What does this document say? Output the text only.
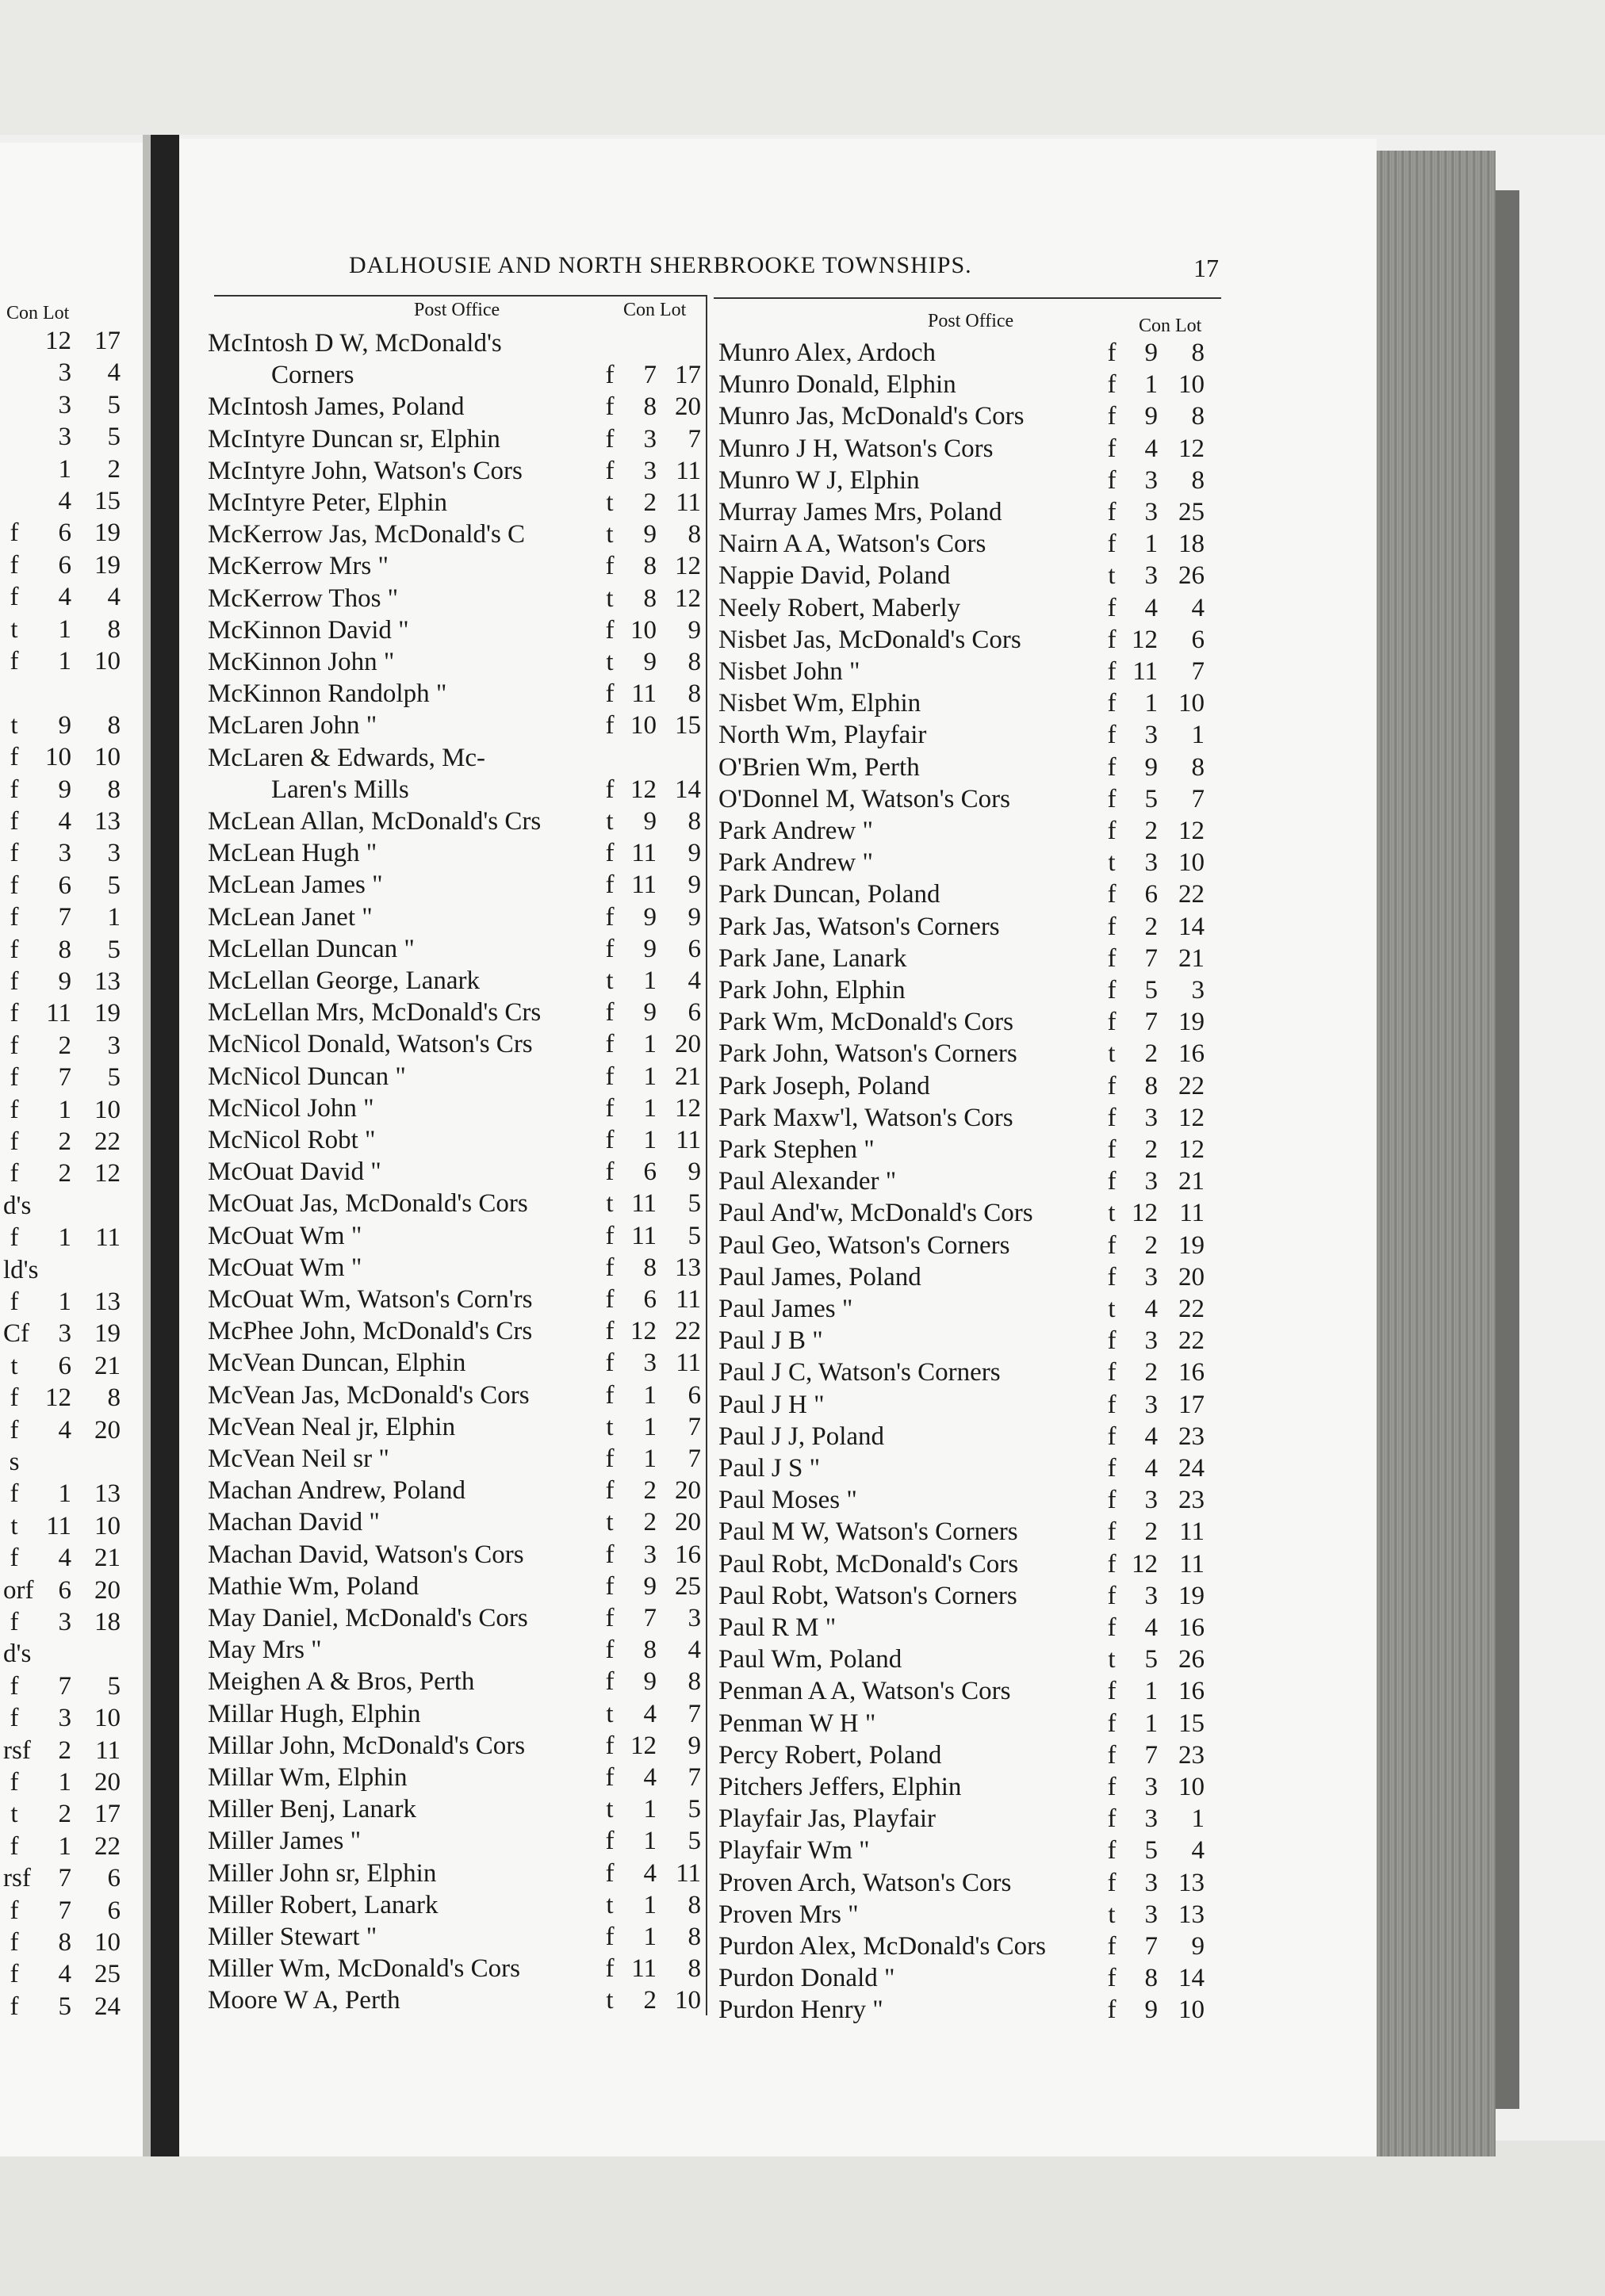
Con Lot
12 17
3	4
3	5
3	5
1	2
4 15
f	6 19
f	6 19
f	4	4
t	1	8
f	1 10
t	9	8
f	10 10
f	9	8
f	4 13
f	3	3
f	6	5
f	7	1
f	8	5
f	9 13
f	11 19
f	2	3
f	7	5
f	1 10
f	2 22
f	2 12
d's
f	1 11
ld's
f	1 13
Cf	3 19
t	6 21
f	12	8
f	4 20
s
f	1 13
t	11 10
f	4 21
orf 6 20
f	3 18
d's
f	7	5
f	3 10
rsf	2 11
f	1 20
t	2 17
f	1 22
rsf	7	6
f	7	6
f	8 10
f	4 25
f	5 24
DALHOUSIE AND NORTH SHERBROOKE TOWNSHIPS.	17
Post Office	Con Lot
Post Office	Con Lot
McIntosh D W, McDonald's
Corners	f	7 17
McIntosh James, Poland	f	8 20
McIntyre Duncan sr, Elphin	f	3	7
McIntyre John, Watson's Cors	f	3 11
McIntyre Peter, Elphin	t	2 11
McKerrow Jas, McDonald's C	t	9	8
McKerrow Mrs "	f	8 12
McKerrow Thos "	t	8 12
McKinnon David "	f 10	9
McKinnon John "	t	9	8
McKinnon Randolph "	f 11	8
McLaren John "	f 10 15
McLaren & Edwards, Mc-
Laren's Mills	f 12 14
McLean Allan, McDonald's Crs t	9	8
McLean Hugh "	f 11	9
McLean James "	f 11	9
McLean Janet "	f	9	9
McLellan Duncan "	f	9	6
McLellan George, Lanark	t	1	4
McLellan Mrs, McDonald's Crs f	9	6
McNicol Donald, Watson's Crs	f	1 20
McNicol Duncan "	f	1 21
McNicol John "	f	1 12
McNicol Robt "	f	1 11
McOuat David "	f	6	9
McOuat Jas, McDonald's Cors	t 11	5
McOuat Wm "	f 11	5
McOuat Wm "	f	8 13
McOuat Wm, Watson's Corn'rs	f	6 11
McPhee John, McDonald's Crs	f 12 22
McVean Duncan, Elphin	f	3 11
McVean Jas, McDonald's Cors	f	1	6
McVean Neal jr, Elphin	t	1	7
McVean Neil sr "	f	1	7
Machan Andrew, Poland	f	2 20
Machan David "	t	2 20
Machan David, Watson's Cors	f	3 16
Mathie Wm, Poland	f	9 25
May Daniel, McDonald's Cors	f	7	3
May Mrs "	f	8	4
Meighen A & Bros, Perth	f	9	8
Millar Hugh, Elphin	t	4	7
Millar John, McDonald's Cors	f 12	9
Millar Wm, Elphin	f	4	7
Miller Benj, Lanark	t	1	5
Miller James "	f	1	5
Miller John sr, Elphin	f	4 11
Miller Robert, Lanark	t	1	8
Miller Stewart "	f	1	8
Miller Wm, McDonald's Cors	f 11	8
Moore W A, Perth	t	2 10
Munro Alex, Ardoch	f	9	8
Munro Donald, Elphin	f	1 10
Munro Jas, McDonald's Cors	f	9	8
Munro J H, Watson's Cors	f	4 12
Munro W J, Elphin	f	3	8
Murray James Mrs, Poland	f	3 25
Nairn A A, Watson's Cors	f	1 18
Nappie David, Poland	t	3 26
Neely Robert, Maberly	f	4	4
Nisbet Jas, McDonald's Cors	f 12	6
Nisbet John "	f 11	7
Nisbet Wm, Elphin	f	1 10
North Wm, Playfair	f	3	1
O'Brien Wm, Perth	f	9	8
O'Donnel M, Watson's Cors	f	5	7
Park Andrew "	f	2 12
Park Andrew "	t	3 10
Park Duncan, Poland	f	6 22
Park Jas, Watson's Corners	f	2 14
Park Jane, Lanark	f	7 21
Park John, Elphin	f	5	3
Park Wm, McDonald's Cors	f	7 19
Park John, Watson's Corners	t	2 16
Park Joseph, Poland	f	8 22
Park Maxw'l, Watson's Cors	f	3 12
Park Stephen "	f	2 12
Paul Alexander "	f	3 21
Paul And'w, McDonald's Cors	t 12 11
Paul Geo, Watson's Corners	f	2 19
Paul James, Poland	f	3 20
Paul James "	t	4 22
Paul J B "	f	3 22
Paul J C, Watson's Corners	f	2 16
Paul J H "	f	3 17
Paul J J, Poland	f	4 23
Paul J S "	f	4 24
Paul Moses "	f	3 23
Paul M W, Watson's Corners	f	2 11
Paul Robt, McDonald's Cors	f 12 11
Paul Robt, Watson's Corners	f	3 19
Paul R M "	f	4 16
Paul Wm, Poland	t	5 26
Penman A A, Watson's Cors	f	1 16
Penman W H "	f	1 15
Percy Robert, Poland	f	7 23
Pitchers Jeffers, Elphin	f	3 10
Playfair Jas, Playfair	f	3	1
Playfair Wm "	f	5	4
Proven Arch, Watson's Cors	f	3 13
Proven Mrs "	t	3 13
Purdon Alex, McDonald's Cors f	7	9
Purdon Donald "	f	8 14
Purdon Henry "	f	9 10
